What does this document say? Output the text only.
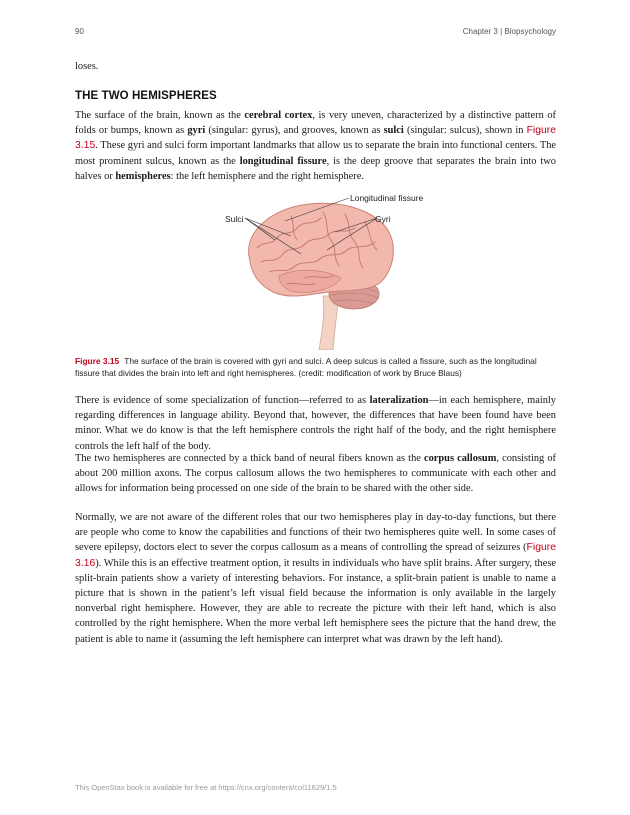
90	Chapter 3 | Biopsychology
loses.
THE TWO HEMISPHERES
The surface of the brain, known as the cerebral cortex, is very uneven, characterized by a distinctive pattern of folds or bumps, known as gyri (singular: gyrus), and grooves, known as sulci (singular: sulcus), shown in Figure 3.15. These gyri and sulci form important landmarks that allow us to separate the brain into functional centers. The most prominent sulcus, known as the longitudinal fissure, is the deep groove that separates the brain into two halves or hemispheres: the left hemisphere and the right hemisphere.
Longitudinal fissure
Sulci	Gyri
Figure 3.15 The surface of the brain is covered with gyri and sulci. A deep sulcus is called a fissure, such as the longitudinal fissure that divides the brain into left and right hemispheres. (credit: modification of work by Bruce Blaus)
There is evidence of some specialization of function—referred to as lateralization—in each hemisphere, mainly regarding differences in language ability. Beyond that, however, the differences that have been found have been minor. What we do know is that the left hemisphere controls the right half of the body, and the right hemisphere controls the left half of the body.
The two hemispheres are connected by a thick band of neural fibers known as the corpus callosum, consisting of about 200 million axons. The corpus callosum allows the two hemispheres to communicate with each other and allows for information being processed on one side of the brain to be shared with the other side.
Normally, we are not aware of the different roles that our two hemispheres play in day-to-day functions, but there are people who come to know the capabilities and functions of their two hemispheres quite well. In some cases of severe epilepsy, doctors elect to sever the corpus callosum as a means of controlling the spread of seizures (Figure 3.16). While this is an effective treatment option, it results in individuals who have split brains. After surgery, these split-brain patients show a variety of interesting behaviors. For instance, a split-brain patient is unable to name a picture that is shown in the patient’s left visual field because the information is only available in the largely nonverbal right hemisphere. However, they are able to recreate the picture with their left hand, which is also controlled by the right hemisphere. When the more verbal left hemisphere sees the picture that the hand drew, the patient is able to name it (assuming the left hemisphere can interpret what was drawn by the left hand).
This OpenStax book is available for free at https://cnx.org/content/col11629/1.5
